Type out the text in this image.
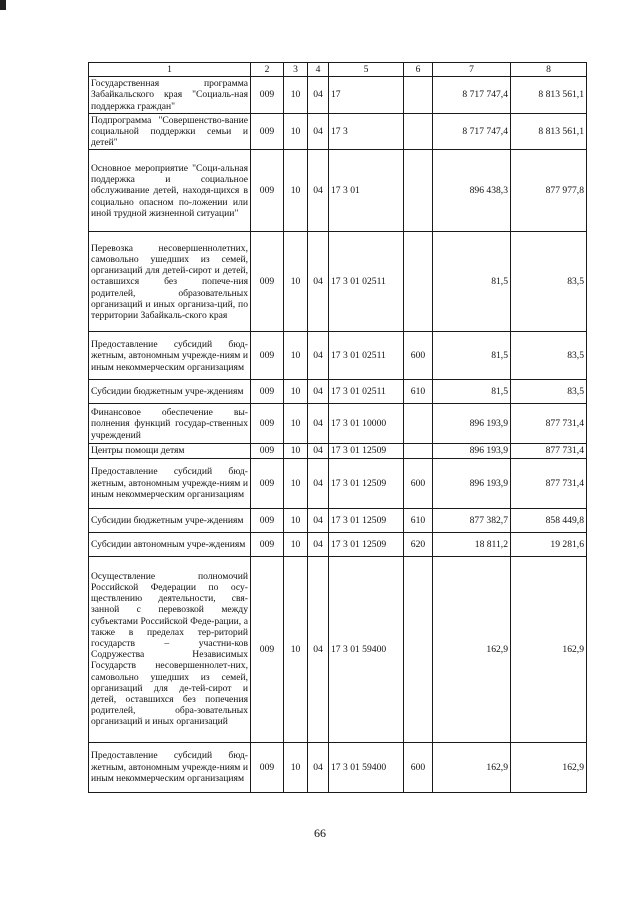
1	2	3	4	5	6	7	8
Государственная программа Забайкальского края "Социаль-ная поддержка граждан"	009	10	04	17		8 717 747,4	8 813 561,1
Подпрограмма "Совершенство-вание социальной поддержки семьи и детей"	009	10	04	17 3		8 717 747,4	8 813 561,1
Основное мероприятие "Соци-альная поддержка и социальное обслуживание детей, находя-щихся в социально опасном по-ложении или иной трудной жизненной ситуации"	009	10	04	17 3 01		896 438,3	877 977,8
Перевозка несовершеннолетних, самовольно ушедших из семей, организаций для детей-сирот и детей, оставшихся без попече-ния родителей, образовательных организаций и иных организа-ций, по территории Забайкаль-ского края	009	10	04	17 3 01 02511		81,5	83,5
Предоставление субсидий бюд-жетным, автономным учрежде-ниям и иным некоммерческим организациям	009	10	04	17 3 01 02511	600	81,5	83,5
Субсидии бюджетным учре-ждениям	009	10	04	17 3 01 02511	610	81,5	83,5
Финансовое обеспечение вы-полнения функций государ-ственных учреждений	009	10	04	17 3 01 10000		896 193,9	877 731,4
Центры помощи детям	009	10	04	17 3 01 12509		896 193,9	877 731,4
Предоставление субсидий бюд-жетным, автономным учрежде-ниям и иным некоммерческим организациям	009	10	04	17 3 01 12509	600	896 193,9	877 731,4
Субсидии бюджетным учре-ждениям	009	10	04	17 3 01 12509	610	877 382,7	858 449,8
Субсидии автономным учре-ждениям	009	10	04	17 3 01 12509	620	18 811,2	19 281,6
Осуществление полномочий Российской Федерации по осу-ществлению деятельности, свя-занной с перевозкой между субъектами Российской Феде-рации, а также в пределах тер-риторий государств – участни-ков Содружества Независимых Государств несовершеннолет-них, самовольно ушедших из семей, организаций для де-тей-сирот и детей, оставшихся без попечения родителей, обра-зовательных организаций и иных организаций	009	10	04	17 3 01 59400		162,9	162,9
Предоставление субсидий бюд-жетным, автономным учрежде-ниям и иным некоммерческим организациям	009	10	04	17 3 01 59400	600	162,9	162,9
66
